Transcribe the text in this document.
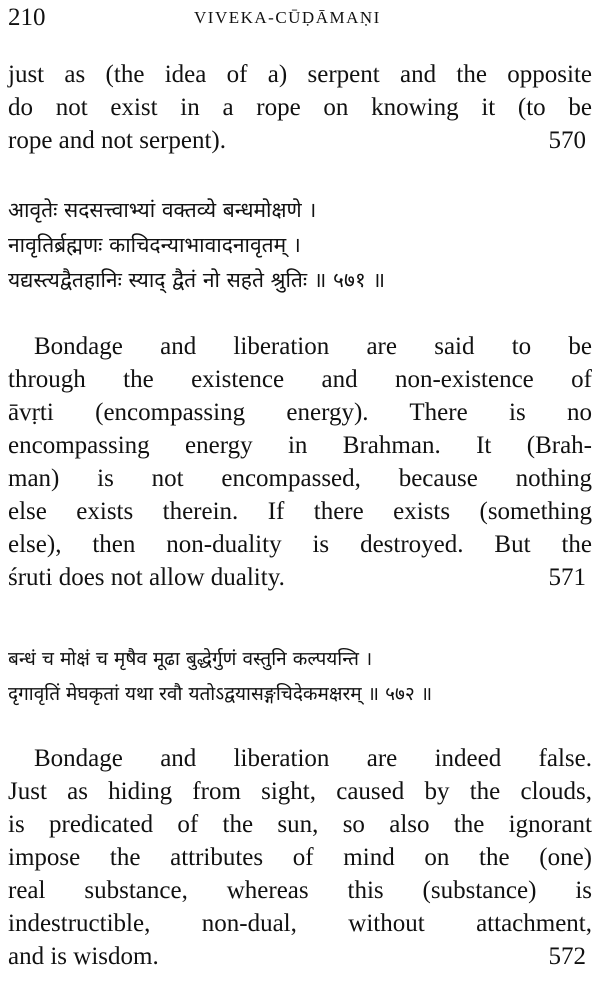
210	VIVEKA-CŪḌĀMAṆI
just as (the idea of a) serpent and the opposite
do not exist in a rope on knowing it (to be
rope and not serpent).	570
आवृतेः सदसत्त्वाभ्यां वक्तव्ये बन्धमोक्षणे ।
नावृतिर्ब्रह्मणः काचिदन्याभावादनावृतम् ।
यद्यस्त्यद्वैतहानिः स्याद् द्वैतं नो सहते श्रुतिः ॥ ५७१ ॥
Bondage and liberation are said to be
through the existence and non-existence of
āvṛti (encompassing energy). There is no
encompassing energy in Brahman. It (Brah-
man) is not encompassed, because nothing
else exists therein. If there exists (something
else), then non-duality is destroyed. But the
śruti does not allow duality.	571
बन्धं च मोक्षं च मृषैव मूढा बुद्धेर्गुणं वस्तुनि कल्पयन्ति ।
दृगावृतिं मेघकृतां यथा रवौ यतोऽद्वयासङ्गचिदेकमक्षरम् ॥ ५७२ ॥
Bondage and liberation are indeed false.
Just as hiding from sight, caused by the clouds,
is predicated of the sun, so also the ignorant
impose the attributes of mind on the (one)
real substance, whereas this (substance) is
indestructible, non-dual, without attachment,
and is wisdom.	572
